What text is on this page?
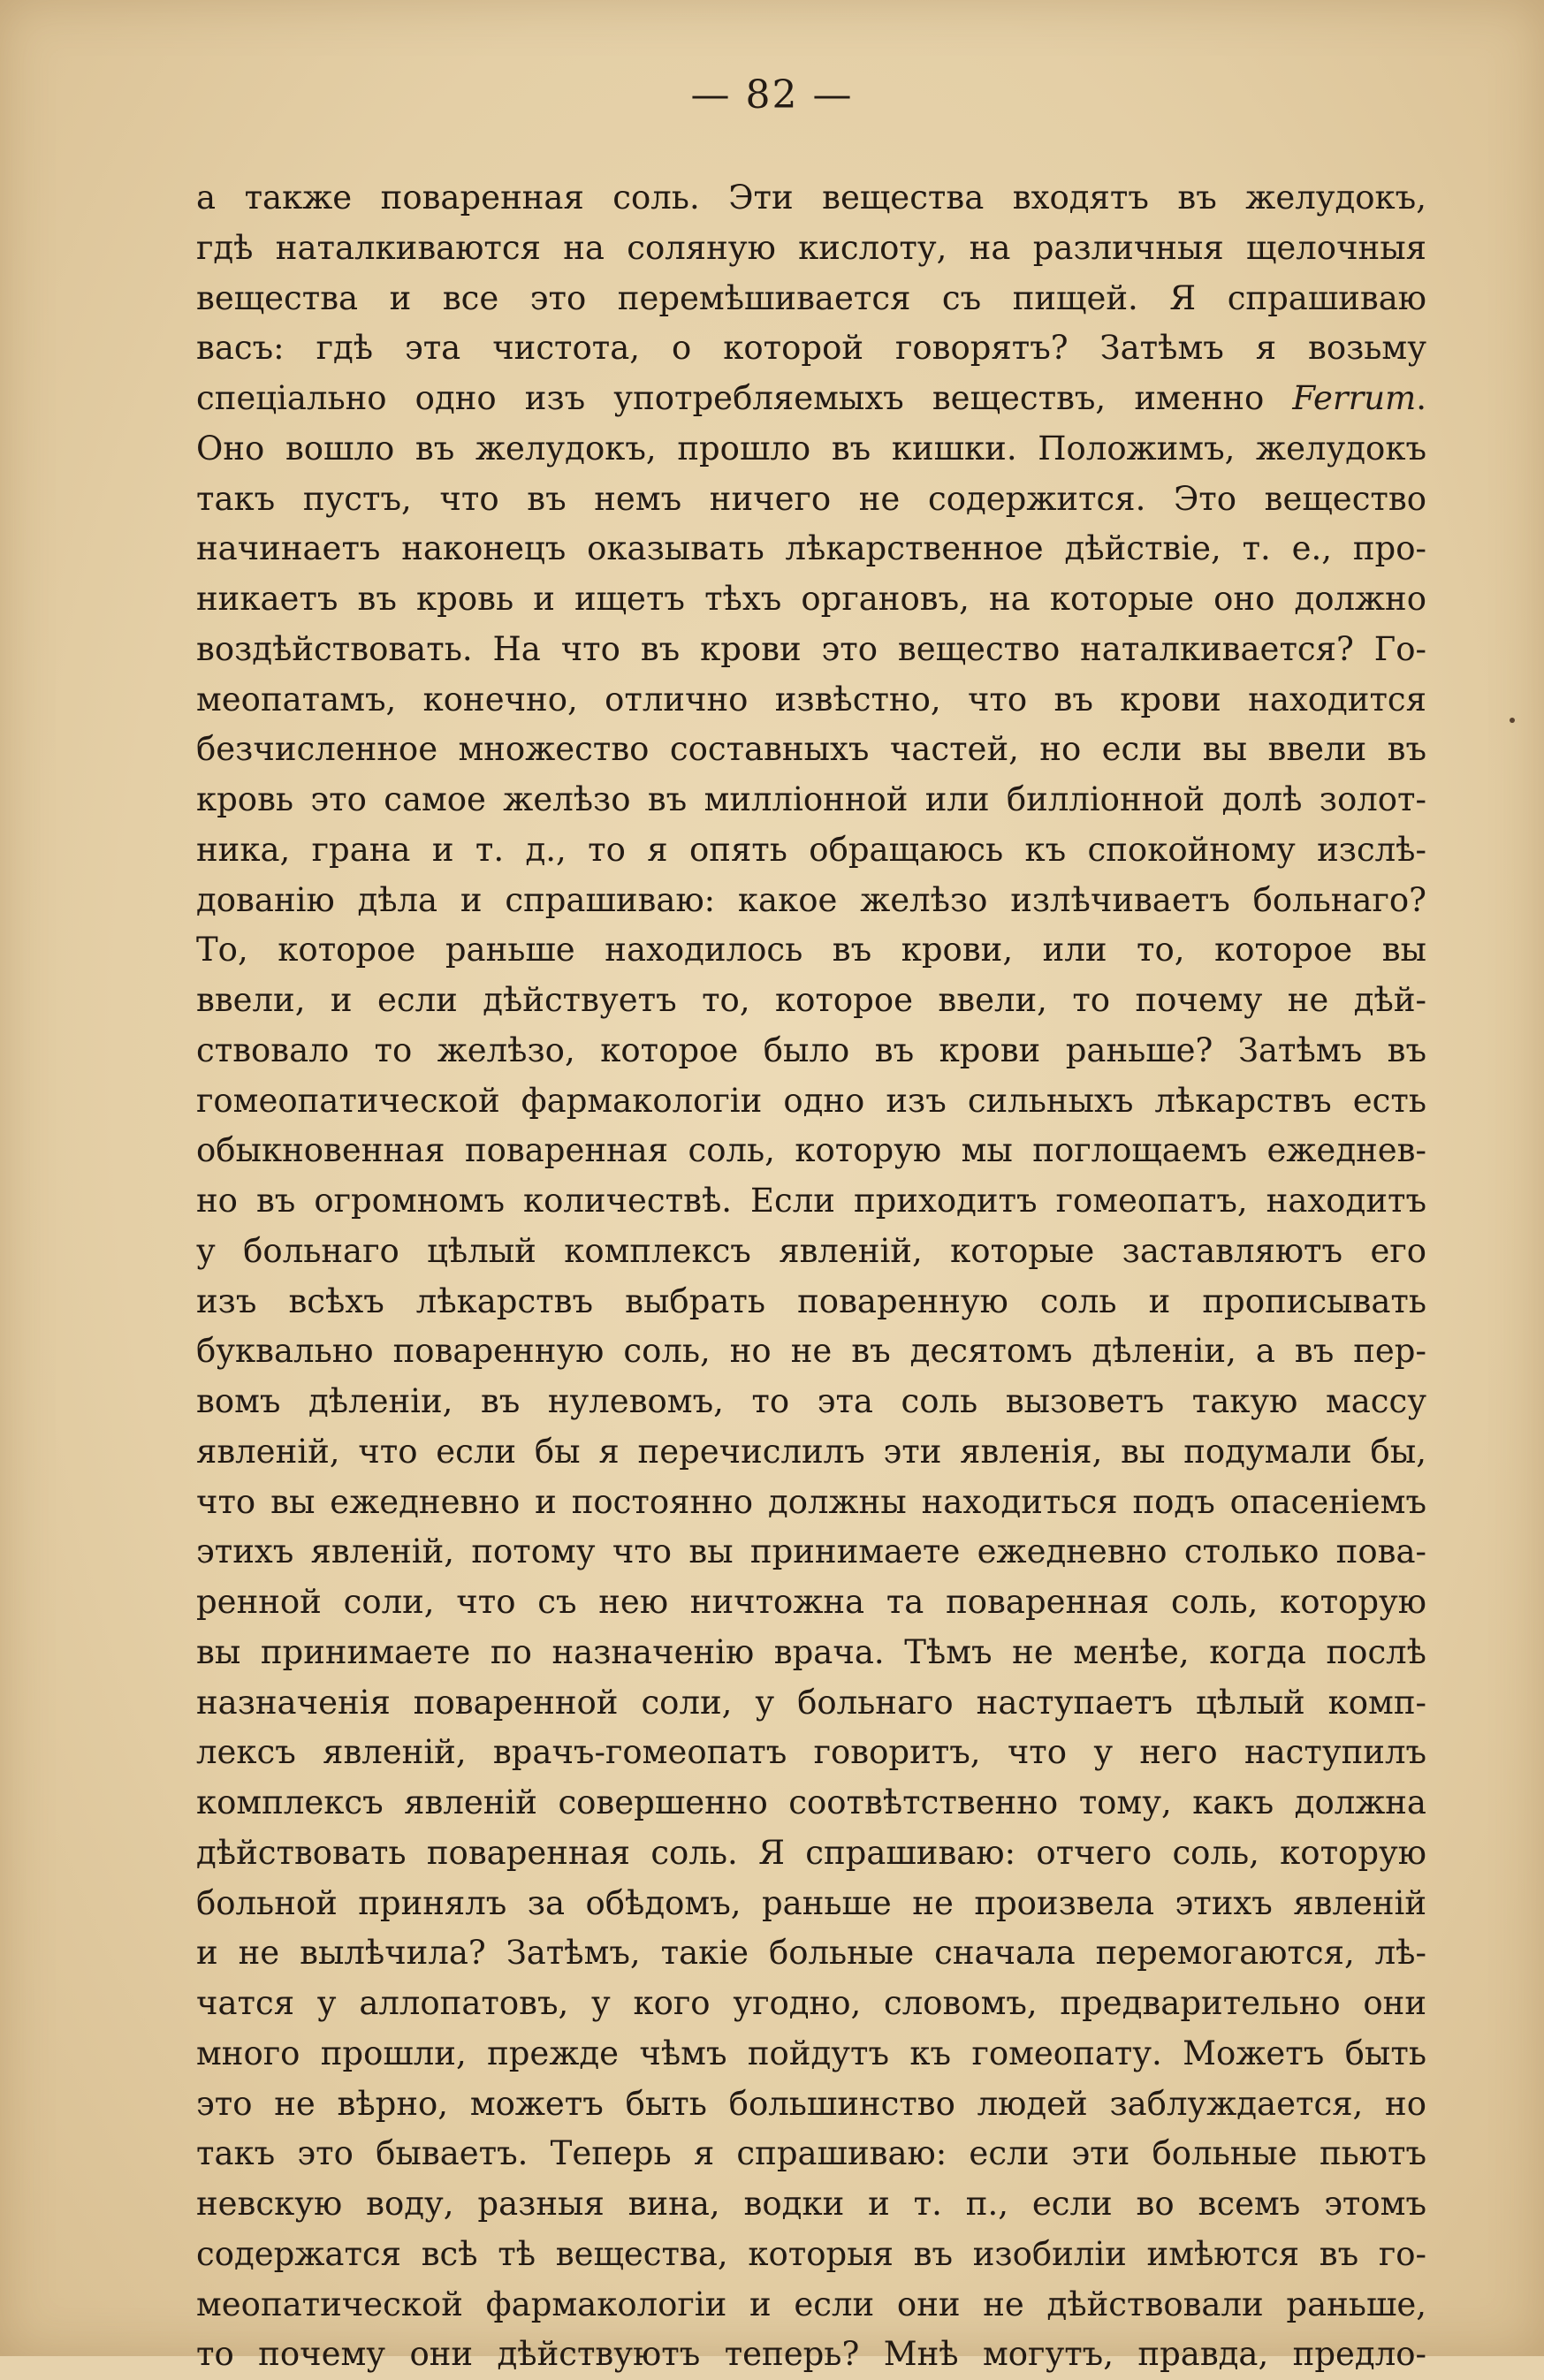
— 82 —
а также поваренная соль. Эти вещества входятъ въ желудокъ,
гдѣ наталкиваются на соляную кислоту, на различныя щелочныя
вещества и все это перемѣшивается съ пищей. Я спрашиваю
васъ: гдѣ эта чистота, о которой говорятъ? Затѣмъ я возьму
спеціально одно изъ употребляемыхъ веществъ, именно Ferrum.
Оно вошло въ желудокъ, прошло въ кишки. Положимъ, желудокъ
такъ пустъ, что въ немъ ничего не содержится. Это вещество
начинаетъ наконецъ оказывать лѣкарственное дѣйствіе, т. е., про-
никаетъ въ кровь и ищетъ тѣхъ органовъ, на которые оно должно
воздѣйствовать. На что въ крови это вещество наталкивается? Го-
меопатамъ, конечно, отлично извѣстно, что въ крови находится
безчисленное множество составныхъ частей, но если вы ввели въ
кровь это самое желѣзо въ милліонной или билліонной долѣ золот-
ника, грана и т. д., то я опять обращаюсь къ спокойному изслѣ-
дованію дѣла и спрашиваю: какое желѣзо излѣчиваетъ больнаго?
То, которое раньше находилось въ крови, или то, которое вы
ввели, и если дѣйствуетъ то, которое ввели, то почему не дѣй-
ствовало то желѣзо, которое было въ крови раньше? Затѣмъ въ
гомеопатической фармакологіи одно изъ сильныхъ лѣкарствъ есть
обыкновенная поваренная соль, которую мы поглощаемъ ежеднев-
но въ огромномъ количествѣ. Если приходитъ гомеопатъ, находитъ
у больнаго цѣлый комплексъ явленій, которые заставляютъ его
изъ всѣхъ лѣкарствъ выбрать поваренную соль и прописывать
буквально поваренную соль, но не въ десятомъ дѣленіи, а въ пер-
вомъ дѣленіи, въ нулевомъ, то эта соль вызоветъ такую массу
явленій, что если бы я перечислилъ эти явленія, вы подумали бы,
что вы ежедневно и постоянно должны находиться подъ опасеніемъ
этихъ явленій, потому что вы принимаете ежедневно столько пова-
ренной соли, что съ нею ничтожна та поваренная соль, которую
вы принимаете по назначенію врача. Тѣмъ не менѣе, когда послѣ
назначенія поваренной соли, у больнаго наступаетъ цѣлый комп-
лексъ явленій, врачъ-гомеопатъ говоритъ, что у него наступилъ
комплексъ явленій совершенно соотвѣтственно тому, какъ должна
дѣйствовать поваренная соль. Я спрашиваю: отчего соль, которую
больной принялъ за обѣдомъ, раньше не произвела этихъ явленій
и не вылѣчила? Затѣмъ, такіе больные сначала перемогаются, лѣ-
чатся у аллопатовъ, у кого угодно, словомъ, предварительно они
много прошли, прежде чѣмъ пойдутъ къ гомеопату. Можетъ быть
это не вѣрно, можетъ быть большинство людей заблуждается, но
такъ это бываетъ. Теперь я спрашиваю: если эти больные пьютъ
невскую воду, разныя вина, водки и т. п., если во всемъ этомъ
содержатся всѣ тѣ вещества, которыя въ изобиліи имѣются въ го-
меопатической фармакологіи и если они не дѣйствовали раньше,
то почему они дѣйствуютъ теперь? Мнѣ могутъ, правда, предло-
